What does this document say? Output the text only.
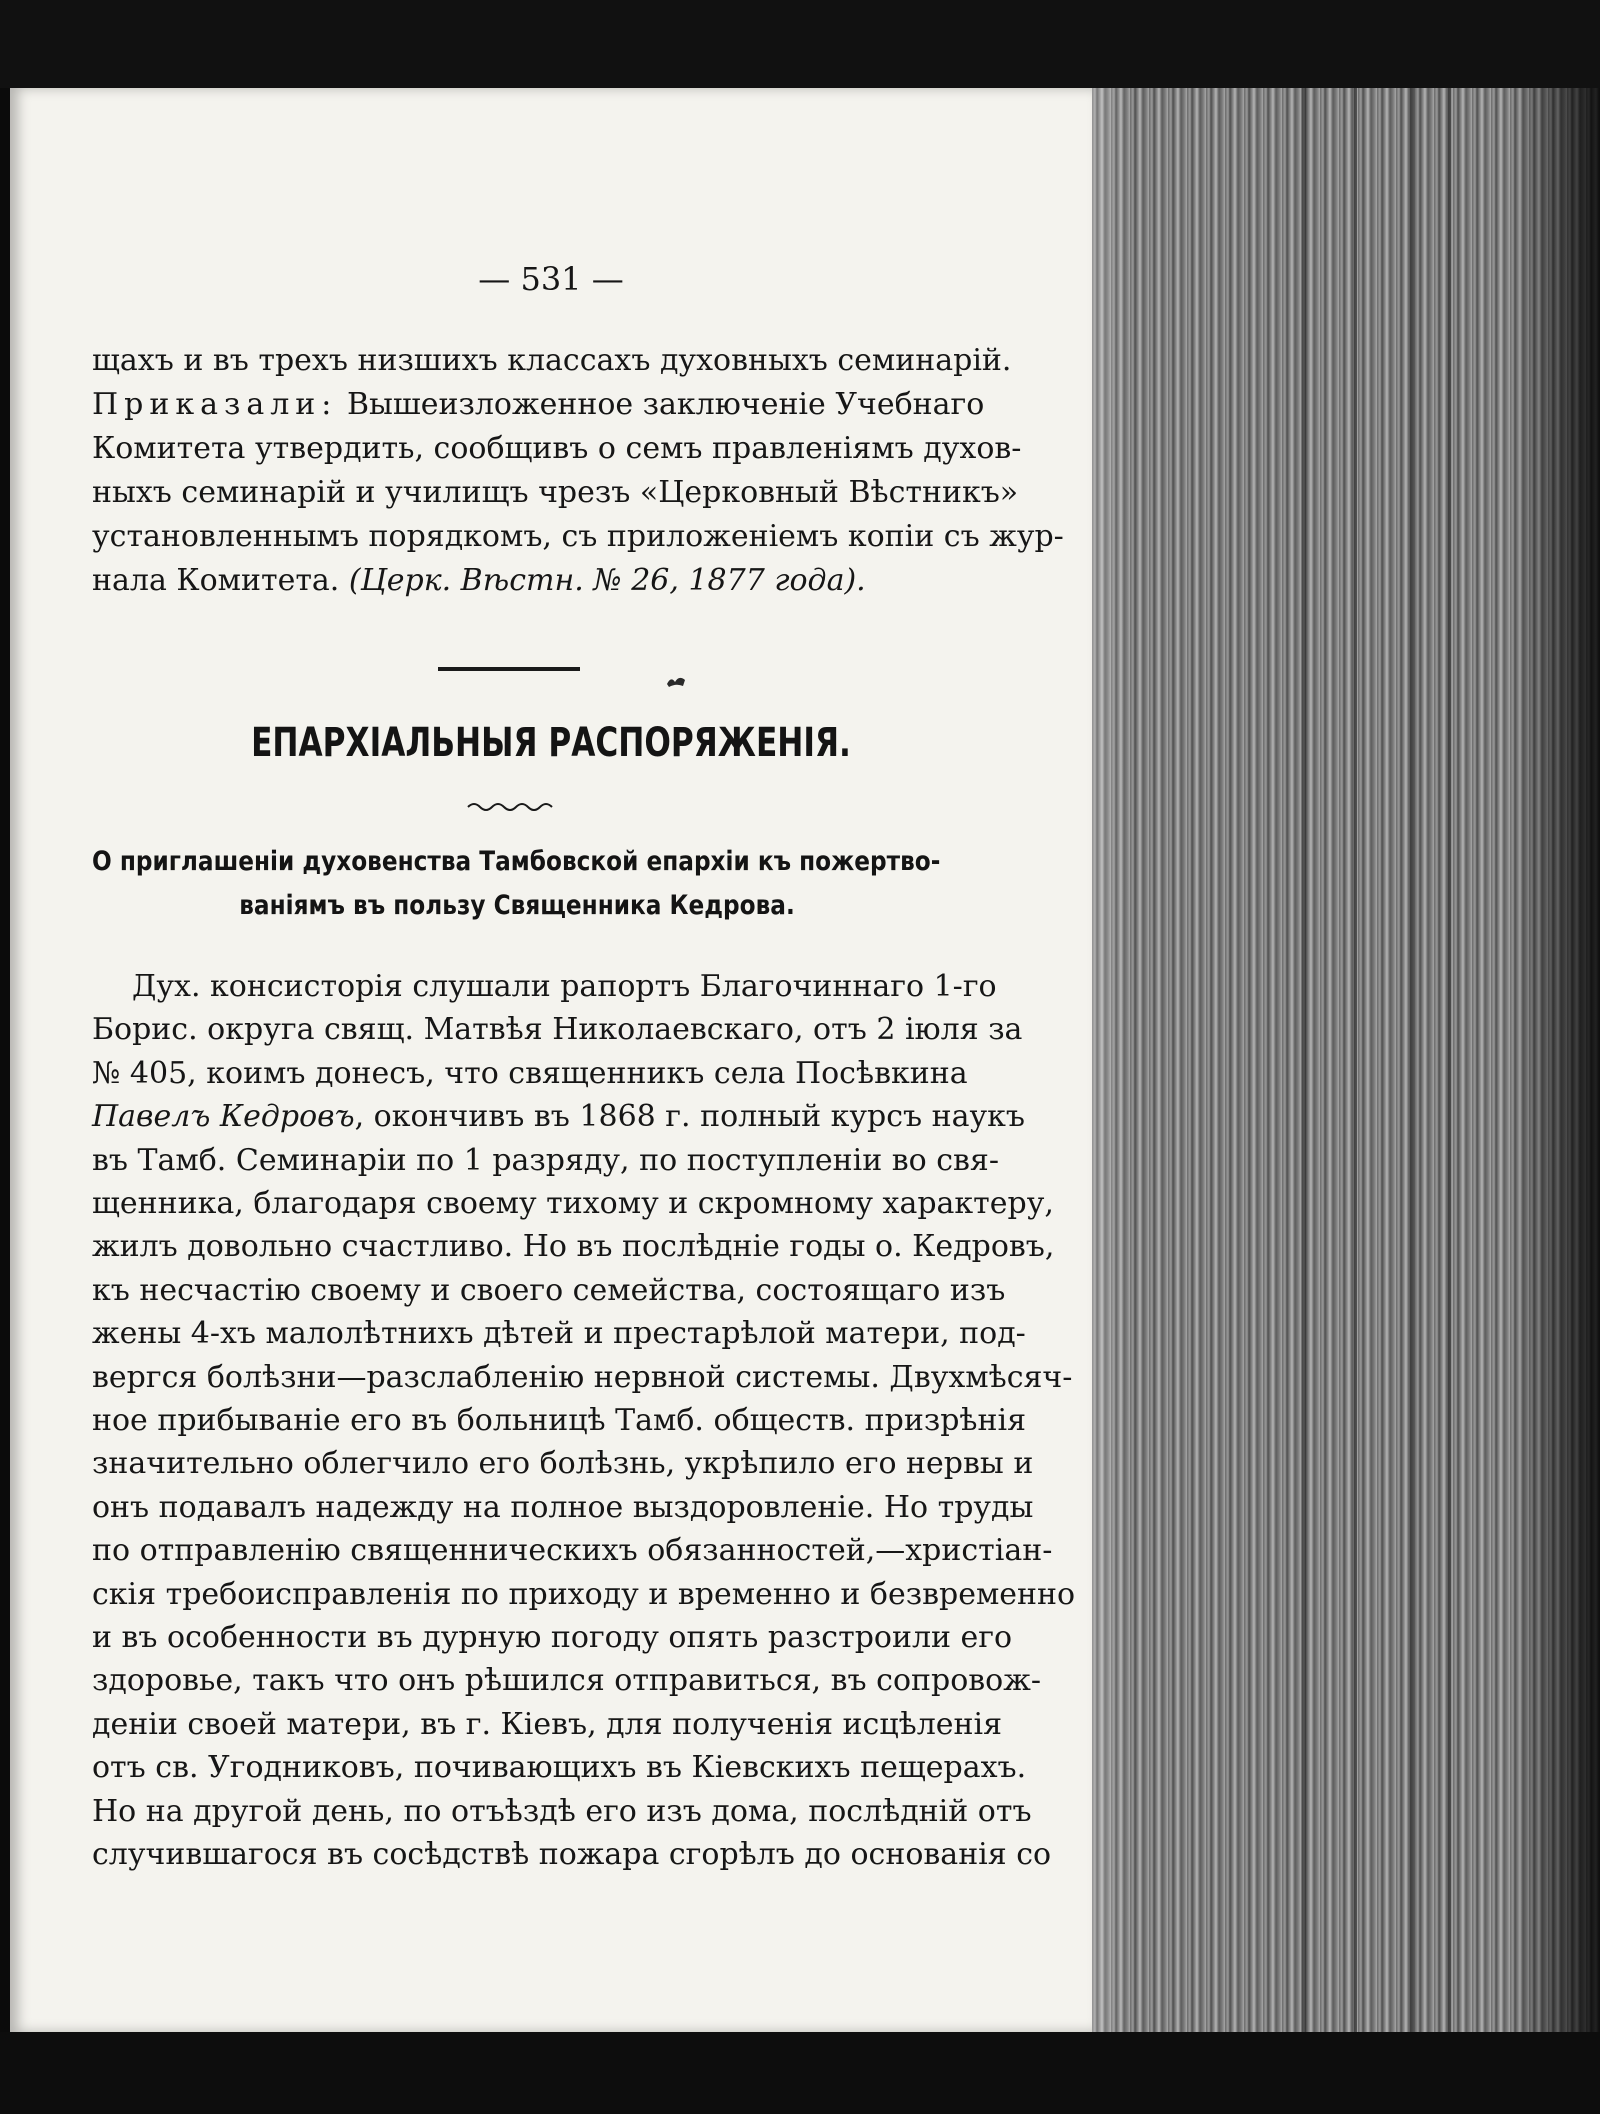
— 531 —
щахъ и въ трехъ низшихъ классахъ духовныхъ семинарій.
Приказали: Вышеизложенное заключеніе Учебнаго
Комитета утвердить, сообщивъ о семъ правленіямъ духов-
ныхъ семинарій и училищъ чрезъ «Церковный Вѣстникъ»
установленнымъ порядкомъ, съ приложеніемъ копіи съ жур-
нала Комитета. (Церк. Вѣстн. № 26, 1877 года).
ЕПАРХІАЛЬНЫЯ РАСПОРЯЖЕНІЯ.
О приглашеніи духовенства Тамбовской епархіи къ пожертво-
ваніямъ въ пользу Священника Кедрова.
Дух. консисторія слушали рапортъ Благочиннаго 1-го
Борис. округа свящ. Матвѣя Николаевскаго, отъ 2 іюля за
№ 405, коимъ донесъ, что священникъ села Посѣвкина
Павелъ Кедровъ, окончивъ въ 1868 г. полный курсъ наукъ
въ Тамб. Семинаріи по 1 разряду, по поступленіи во свя-
щенника, благодаря своему тихому и скромному характеру,
жилъ довольно счастливо. Но въ послѣдніе годы о. Кедровъ,
къ несчастію своему и своего семейства, состоящаго изъ
жены 4-хъ малолѣтнихъ дѣтей и престарѣлой матери, под-
вергся болѣзни—разслабленію нервной системы. Двухмѣсяч-
ное прибываніе его въ больницѣ Тамб. обществ. призрѣнія
значительно облегчило его болѣзнь, укрѣпило его нервы и
онъ подавалъ надежду на полное выздоровленіе. Но труды
по отправленію священническихъ обязанностей,—христіан-
скія требоисправленія по приходу и временно и безвременно
и въ особенности въ дурную погоду опять разстроили его
здоровье, такъ что онъ рѣшился отправиться, въ сопровож-
деніи своей матери, въ г. Кіевъ, для полученія исцѣленія
отъ св. Угодниковъ, почивающихъ въ Кіевскихъ пещерахъ.
Но на другой день, по отъѣздѣ его изъ дома, послѣдній отъ
случившагося въ сосѣдствѣ пожара сгорѣлъ до основанія со
